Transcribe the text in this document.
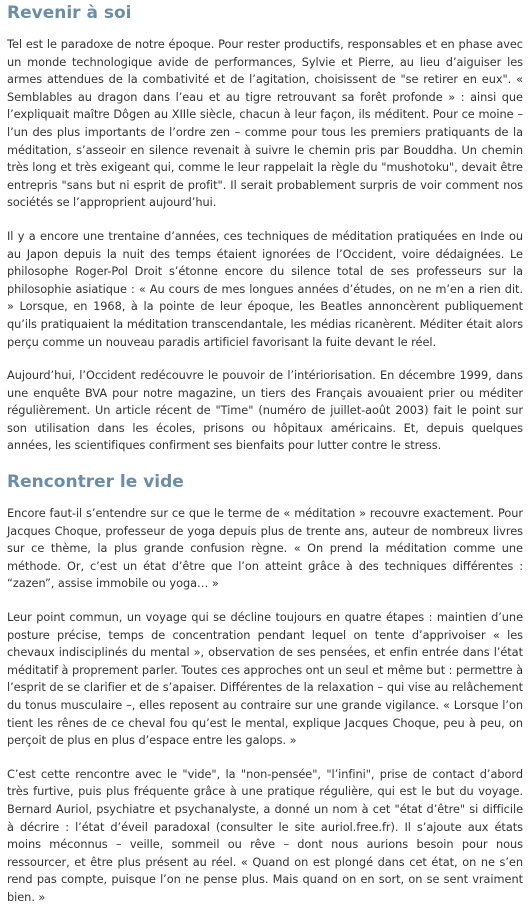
Revenir à soi

Tel est le paradoxe de notre époque. Pour rester productifs, responsables et en phase avec un monde technologique avide de performances, Sylvie et Pierre, au lieu d’aiguiser les armes attendues de la combativité et de l’agitation, choisissent de "se retirer en eux". « Semblables au dragon dans l’eau et au tigre retrouvant sa forêt profonde » : ainsi que l’expliquait maître Dôgen au XIIle siècle, chacun à leur façon, ils méditent. Pour ce moine – l’un des plus importants de l’ordre zen – comme pour tous les premiers pratiquants de la méditation, s’asseoir en silence revenait à suivre le chemin pris par Bouddha. Un chemin très long et très exigeant qui, comme le leur rappelait la règle du "mushotoku", devait être entrepris "sans but ni esprit de profit". Il serait probablement surpris de voir comment nos sociétés se l’approprient aujourd’hui.

Il y a encore une trentaine d’années, ces techniques de méditation pratiquées en Inde ou au Japon depuis la nuit des temps étaient ignorées de l’Occident, voire dédaignées. Le philosophe Roger-Pol Droit s’étonne encore du silence total de ses professeurs sur la philosophie asiatique : « Au cours de mes longues années d’études, on ne m’en a rien dit. » Lorsque, en 1968, à la pointe de leur époque, les Beatles annoncèrent publiquement qu’ils pratiquaient la méditation transcendantale, les médias ricanèrent. Méditer était alors perçu comme un nouveau paradis artificiel favorisant la fuite devant le réel.

Aujourd’hui, l’Occident redécouvre le pouvoir de l’intériorisation. En décembre 1999, dans une enquête BVA pour notre magazine, un tiers des Français avouaient prier ou méditer régulièrement. Un article récent de "Time" (numéro de juillet-août 2003) fait le point sur son utilisation dans les écoles, prisons ou hôpitaux américains. Et, depuis quelques années, les scientifiques confirment ses bienfaits pour lutter contre le stress.

Rencontrer le vide

Encore faut-il s’entendre sur ce que le terme de « méditation » recouvre exactement. Pour Jacques Choque, professeur de yoga depuis plus de trente ans, auteur de nombreux livres sur ce thème, la plus grande confusion règne. « On prend la méditation comme une méthode. Or, c’est un état d’être que l’on atteint grâce à des techniques différentes : “zazen”, assise immobile ou yoga… »

Leur point commun, un voyage qui se décline toujours en quatre étapes : maintien d’une posture précise, temps de concentration pendant lequel on tente d’apprivoiser « les chevaux indisciplinés du mental », observation de ses pensées, et enfin entrée dans l’état méditatif à proprement parler. Toutes ces approches ont un seul et même but : permettre à l’esprit de se clarifier et de s’apaiser. Différentes de la relaxation – qui vise au relâchement du tonus musculaire –, elles reposent au contraire sur une grande vigilance. « Lorsque l’on tient les rênes de ce cheval fou qu’est le mental, explique Jacques Choque, peu à peu, on perçoit de plus en plus d’espace entre les galops. »

C’est cette rencontre avec le "vide", la "non-pensée", "l’infini", prise de contact d’abord très furtive, puis plus fréquente grâce à une pratique régulière, qui est le but du voyage. Bernard Auriol, psychiatre et psychanalyste, a donné un nom à cet "état d’être" si difficile à décrire : l’état d’éveil paradoxal (consulter le site auriol.free.fr). Il s’ajoute aux états moins méconnus – veille, sommeil ou rêve – dont nous aurions besoin pour nous ressourcer, et être plus présent au réel. « Quand on est plongé dans cet état, on ne s’en rend pas compte, puisque l’on ne pense plus. Mais quand on en sort, on se sent vraiment bien. »
